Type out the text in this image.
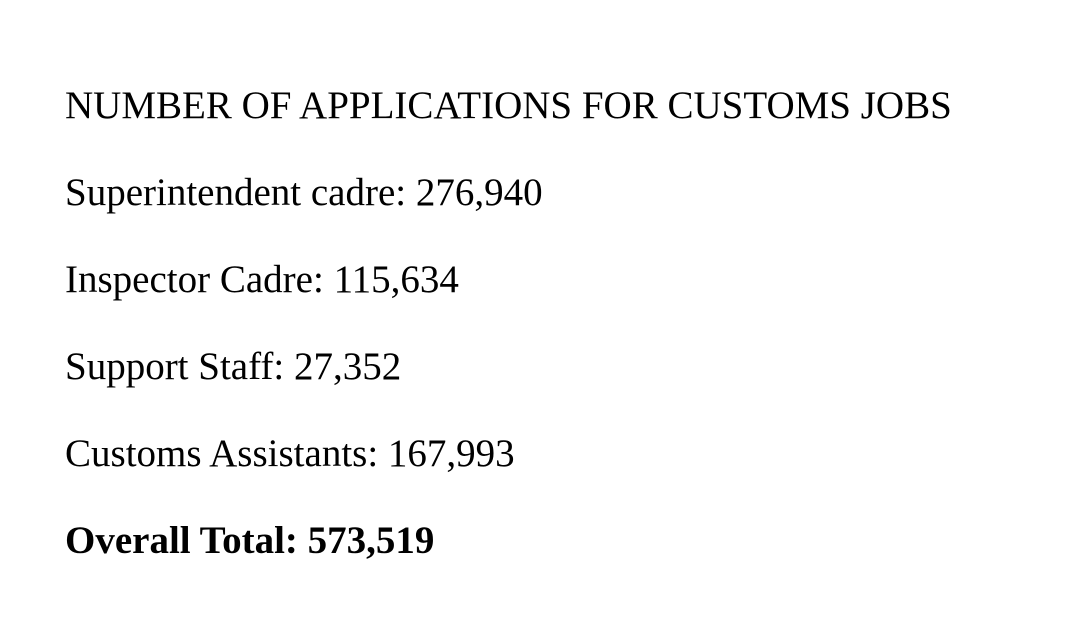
NUMBER OF APPLICATIONS FOR CUSTOMS JOBS
Superintendent cadre: 276,940
Inspector Cadre: 115,634
Support Staff: 27,352
Customs Assistants: 167,993
Overall Total: 573,519
